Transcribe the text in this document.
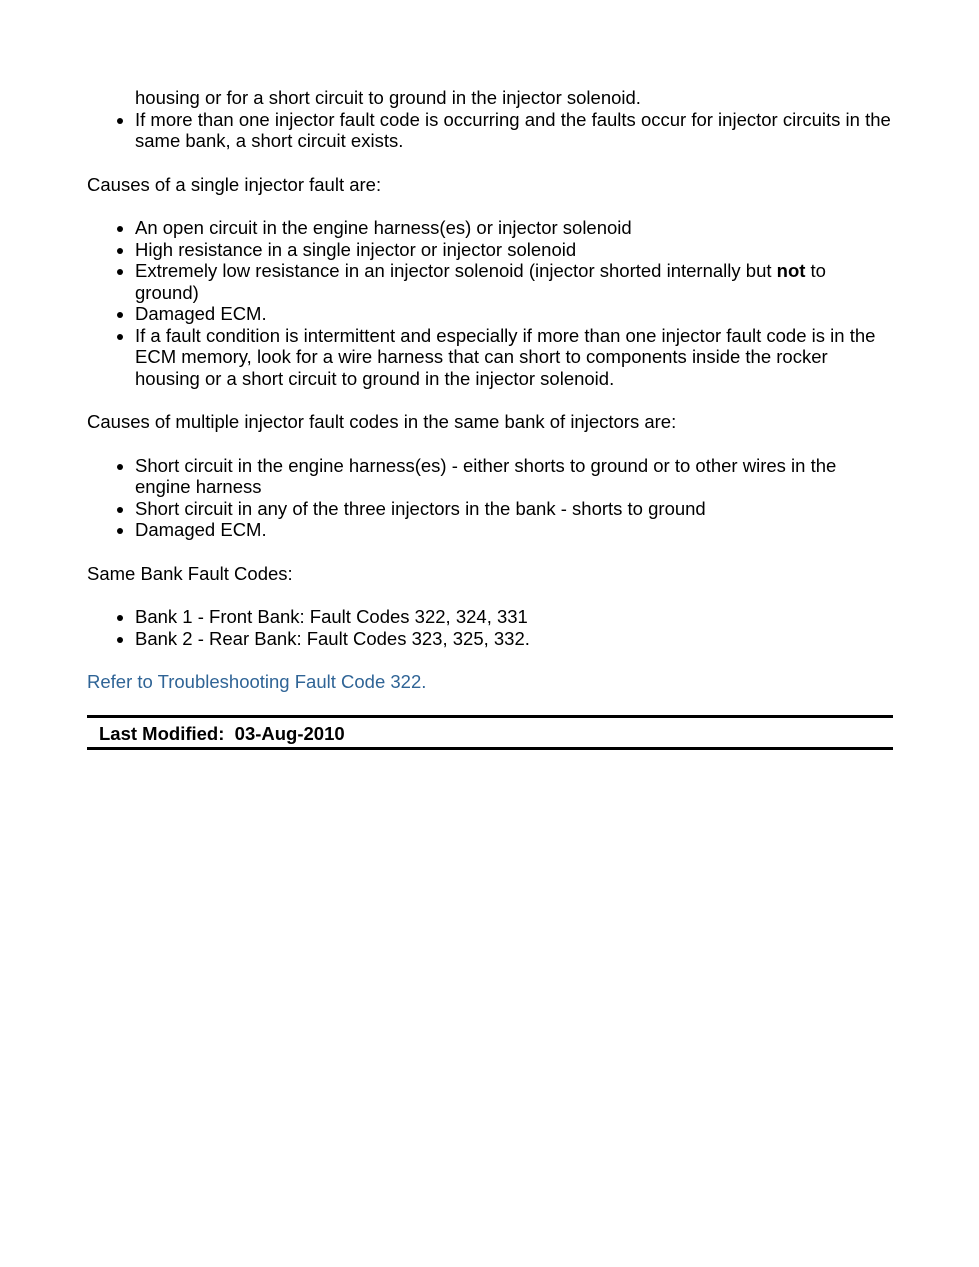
housing or for a short circuit to ground in the injector solenoid.
If more than one injector fault code is occurring and the faults occur for injector circuits in the same bank, a short circuit exists.

Causes of a single injector fault are:

An open circuit in the engine harness(es) or injector solenoid
High resistance in a single injector or injector solenoid
Extremely low resistance in an injector solenoid (injector shorted internally but not to ground)
Damaged ECM.
If a fault condition is intermittent and especially if more than one injector fault code is in the ECM memory, look for a wire harness that can short to components inside the rocker housing or a short circuit to ground in the injector solenoid.

Causes of multiple injector fault codes in the same bank of injectors are:

Short circuit in the engine harness(es) - either shorts to ground or to other wires in the engine harness
Short circuit in any of the three injectors in the bank - shorts to ground
Damaged ECM.

Same Bank Fault Codes:

Bank 1 - Front Bank: Fault Codes 322, 324, 331
Bank 2 - Rear Bank: Fault Codes 323, 325, 332.

Refer to Troubleshooting Fault Code 322.

Last Modified:  03-Aug-2010
